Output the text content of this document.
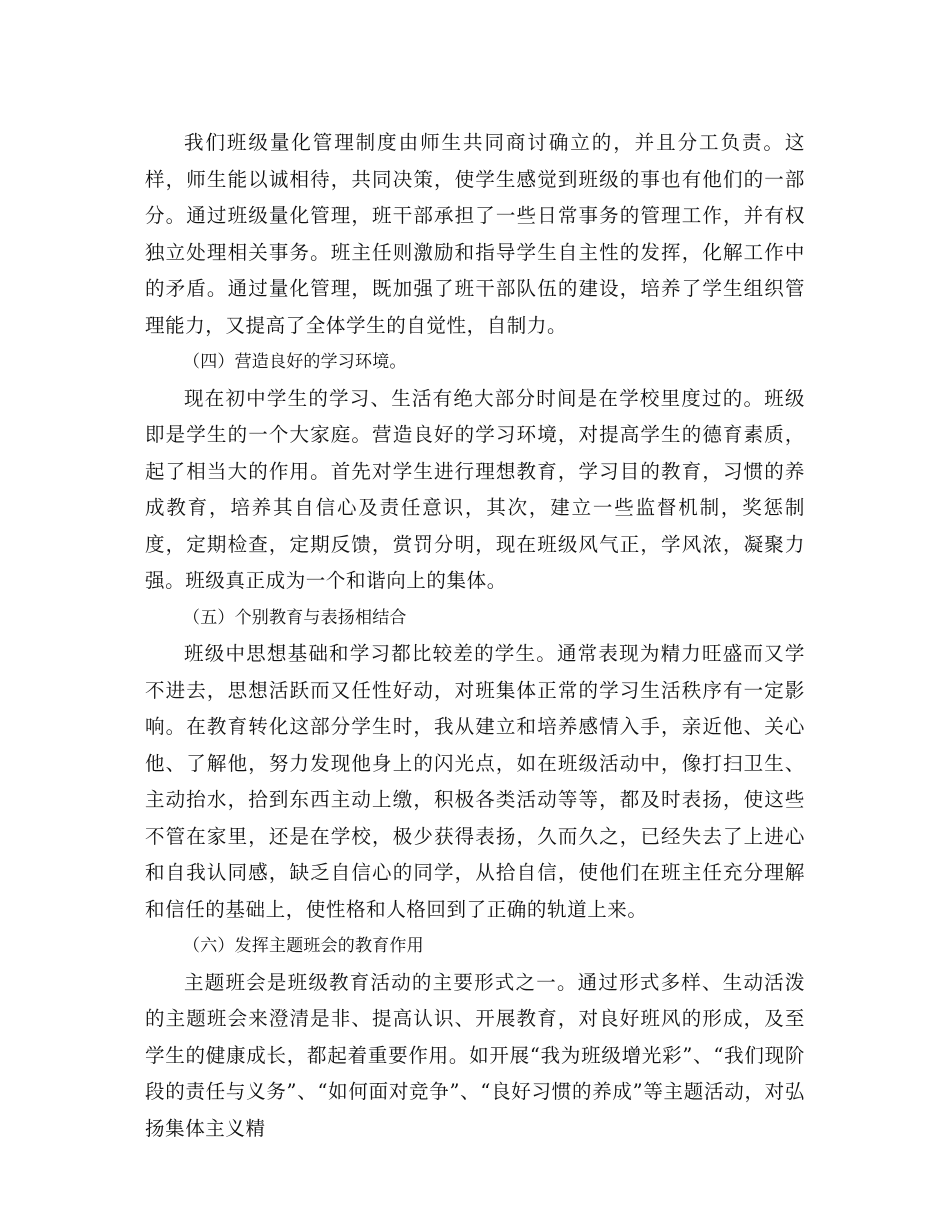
我们班级量化管理制度由师生共同商讨确立的，并且分工负责。这样，师生能以诚相待，共同决策，使学生感觉到班级的事也有他们的一部分。通过班级量化管理，班干部承担了一些日常事务的管理工作，并有权独立处理相关事务。班主任则激励和指导学生自主性的发挥，化解工作中的矛盾。通过量化管理，既加强了班干部队伍的建设，培养了学生组织管理能力，又提高了全体学生的自觉性，自制力。

（四）营造良好的学习环境。

现在初中学生的学习、生活有绝大部分时间是在学校里度过的。班级即是学生的一个大家庭。营造良好的学习环境，对提高学生的德育素质，起了相当大的作用。首先对学生进行理想教育，学习目的教育，习惯的养成教育，培养其自信心及责任意识，其次，建立一些监督机制，奖惩制度，定期检查，定期反馈，赏罚分明，现在班级风气正，学风浓，凝聚力强。班级真正成为一个和谐向上的集体。

（五）个别教育与表扬相结合

班级中思想基础和学习都比较差的学生。通常表现为精力旺盛而又学不进去，思想活跃而又任性好动，对班集体正常的学习生活秩序有一定影响。在教育转化这部分学生时，我从建立和培养感情入手，亲近他、关心他、了解他，努力发现他身上的闪光点，如在班级活动中，像打扫卫生、主动抬水，拾到东西主动上缴，积极各类活动等等，都及时表扬，使这些不管在家里，还是在学校，极少获得表扬，久而久之，已经失去了上进心和自我认同感，缺乏自信心的同学，从拾自信，使他们在班主任充分理解和信任的基础上，使性格和人格回到了正确的轨道上来。

（六）发挥主题班会的教育作用

主题班会是班级教育活动的主要形式之一。通过形式多样、生动活泼的主题班会来澄清是非、提高认识、开展教育，对良好班风的形成，及至学生的健康成长，都起着重要作用。如开展“我为班级增光彩”、“我们现阶段的责任与义务”、“如何面对竞争”、“良好习惯的养成”等主题活动，对弘扬集体主义精
